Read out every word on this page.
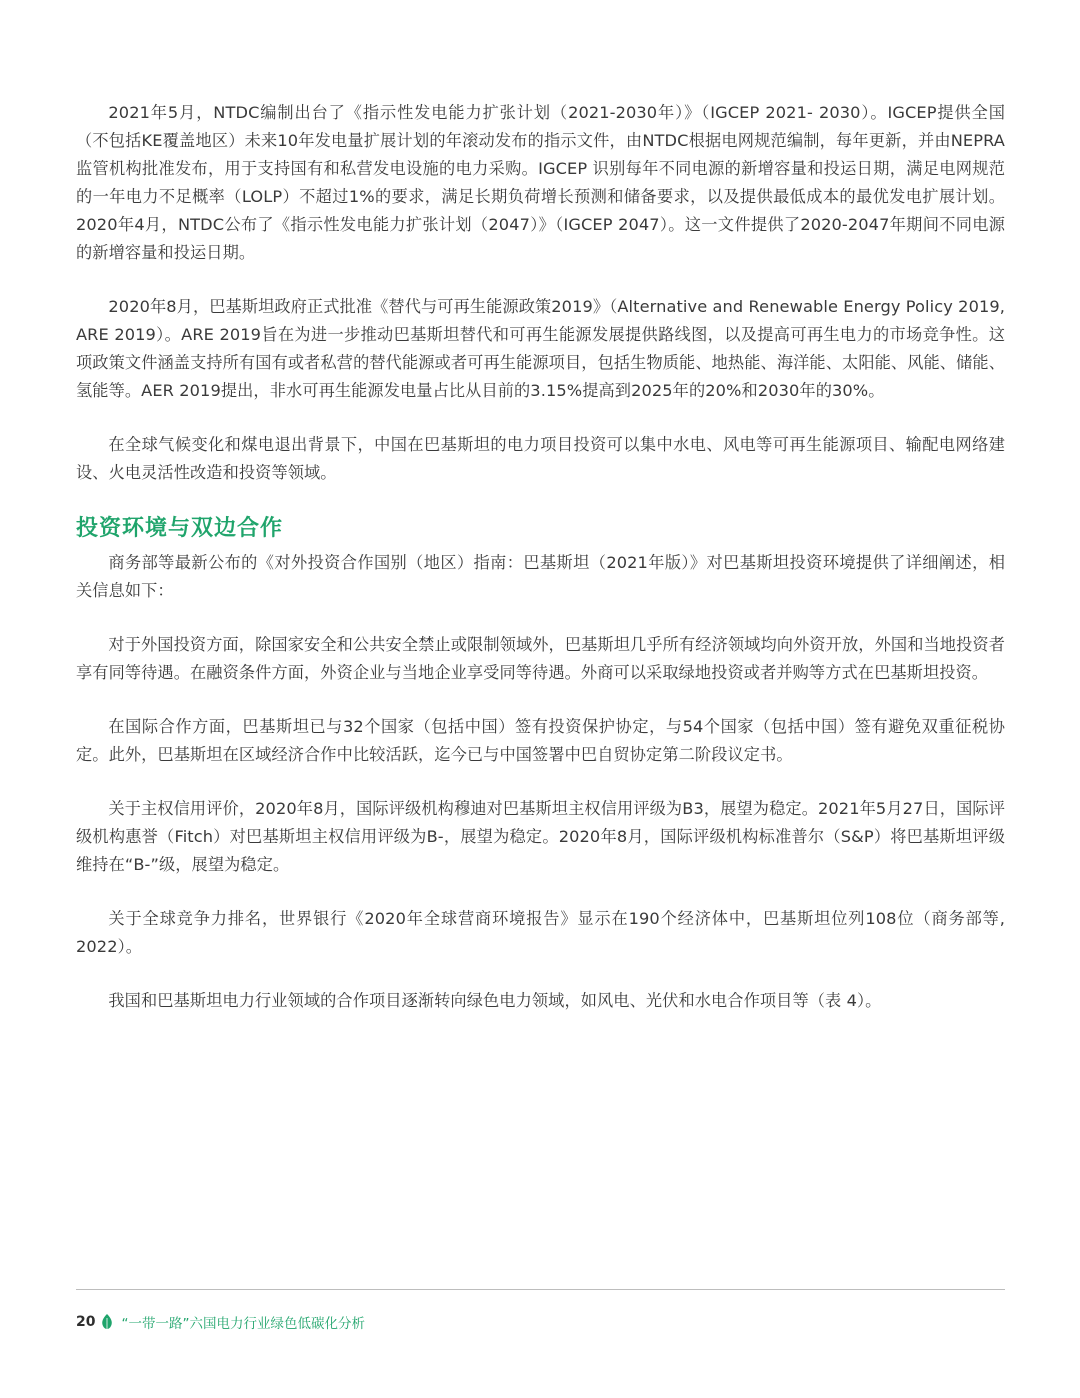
2021年5月，NTDC编制出台了《指示性发电能力扩张计划（2021-2030年）》（IGCEP 2021- 2030）。IGCEP提供全国（不包括KE覆盖地区）未来10年发电量扩展计划的年滚动发布的指示文件，由NTDC根据电网规范编制，每年更新，并由NEPRA监管机构批准发布，用于支持国有和私营发电设施的电力采购。IGCEP 识别每年不同电源的新增容量和投运日期，满足电网规范的一年电力不足概率（LOLP）不超过1%的要求，满足长期负荷增长预测和储备要求，以及提供最低成本的最优发电扩展计划。2020年4月，NTDC公布了《指示性发电能力扩张计划（2047）》（IGCEP 2047）。这一文件提供了2020-2047年期间不同电源的新增容量和投运日期。

2020年8月，巴基斯坦政府正式批准《替代与可再生能源政策2019》（Alternative and Renewable Energy Policy 2019, ARE 2019）。ARE 2019旨在为进一步推动巴基斯坦替代和可再生能源发展提供路线图，以及提高可再生电力的市场竞争性。这项政策文件涵盖支持所有国有或者私营的替代能源或者可再生能源项目，包括生物质能、地热能、海洋能、太阳能、风能、储能、氢能等。AER 2019提出，非水可再生能源发电量占比从目前的3.15%提高到2025年的20%和2030年的30%。

在全球气候变化和煤电退出背景下，中国在巴基斯坦的电力项目投资可以集中水电、风电等可再生能源项目、输配电网络建设、火电灵活性改造和投资等领域。

投资环境与双边合作

商务部等最新公布的《对外投资合作国别（地区）指南：巴基斯坦（2021年版）》对巴基斯坦投资环境提供了详细阐述，相关信息如下：

对于外国投资方面，除国家安全和公共安全禁止或限制领域外，巴基斯坦几乎所有经济领域均向外资开放，外国和当地投资者享有同等待遇。在融资条件方面，外资企业与当地企业享受同等待遇。外商可以采取绿地投资或者并购等方式在巴基斯坦投资。

在国际合作方面，巴基斯坦已与32个国家（包括中国）签有投资保护协定，与54个国家（包括中国）签有避免双重征税协定。此外，巴基斯坦在区域经济合作中比较活跃，迄今已与中国签署中巴自贸协定第二阶段议定书。

关于主权信用评价，2020年8月，国际评级机构穆迪对巴基斯坦主权信用评级为B3，展望为稳定。2021年5月27日，国际评级机构惠誉（Fitch）对巴基斯坦主权信用评级为B-，展望为稳定。2020年8月，国际评级机构标准普尔（S&P）将巴基斯坦评级维持在“B-”级，展望为稳定。

关于全球竞争力排名，世界银行《2020年全球营商环境报告》显示在190个经济体中，巴基斯坦位列108位（商务部等, 2022）。

我国和巴基斯坦电力行业领域的合作项目逐渐转向绿色电力领域，如风电、光伏和水电合作项目等（表 4）。

20 “一带一路”六国电力行业绿色低碳化分析
